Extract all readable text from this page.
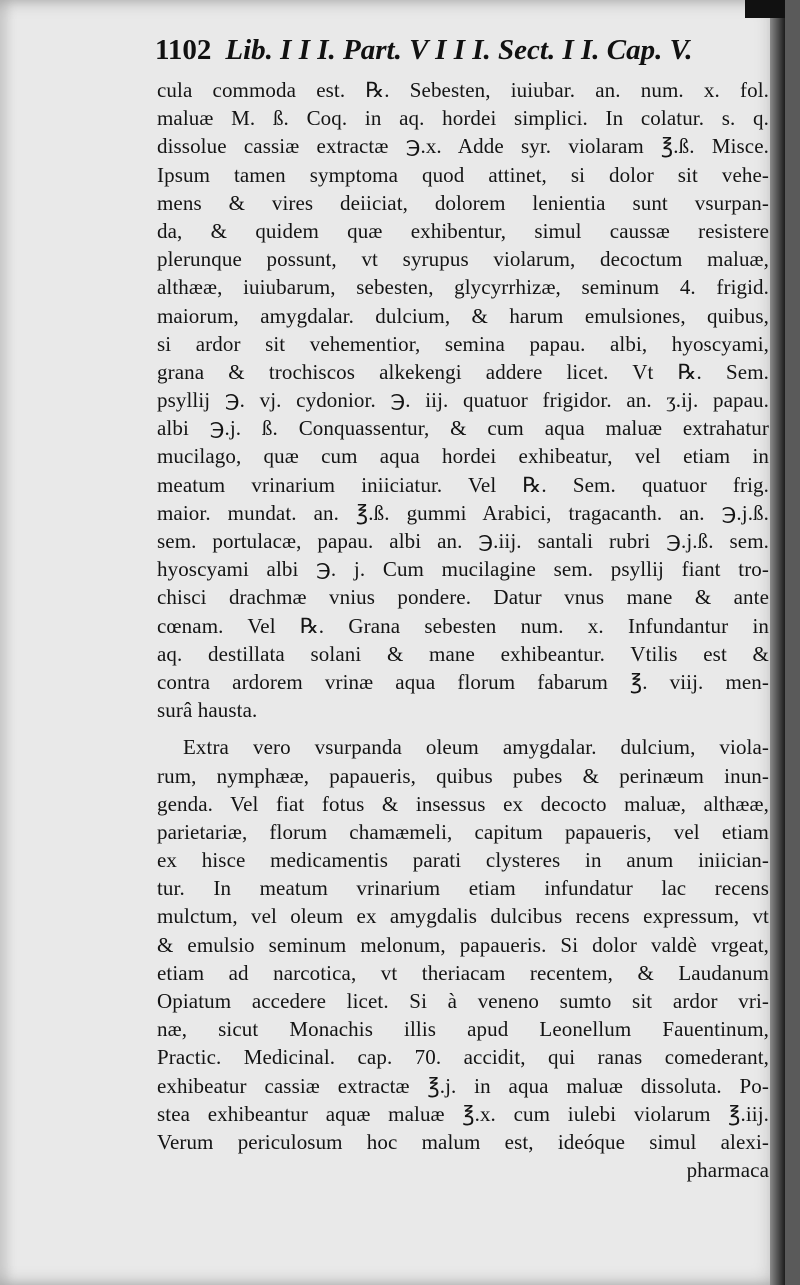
1102 Lib. I I I. Part. V I I I. Sect. I I. Cap. V.
cula commoda est. ℞. Sebesten, iuiubar. an. num. x. fol.
maluæ M. ß. Coq. in aq. hordei simplici. In colatur. s. q.
dissolue cassiæ extractæ ℈.x. Adde syr. violaram ℥.ß. Misce.
Ipsum tamen symptoma quod attinet, si dolor sit vehe-
mens & vires deiiciat, dolorem lenientia sunt vsurpan-
da, & quidem quæ exhibentur, simul caussæ resistere
plerunque possunt, vt syrupus violarum, decoctum maluæ,
althææ, iuiubarum, sebesten, glycyrrhizæ, seminum 4. frigid.
maiorum, amygdalar. dulcium, & harum emulsiones, quibus,
si ardor sit vehementior, semina papau. albi, hyoscyami,
grana & trochiscos alkekengi addere licet. Vt ℞. Sem.
psyllij ℈. vj. cydonior. ℈. iij. quatuor frigidor. an. ʒ.ij. papau.
albi ℈.j. ß. Conquassentur, & cum aqua maluæ extrahatur
mucilago, quæ cum aqua hordei exhibeatur, vel etiam in
meatum vrinarium iniiciatur. Vel ℞. Sem. quatuor frig.
maior. mundat. an. ℥.ß. gummi Arabici, tragacanth. an. ℈.j.ß.
sem. portulacæ, papau. albi an. ℈.iij. santali rubri ℈.j.ß. sem.
hyoscyami albi ℈. j. Cum mucilagine sem. psyllij fiant tro-
chisci drachmæ vnius pondere. Datur vnus mane & ante
cœnam. Vel ℞. Grana sebesten num. x. Infundantur in
aq. destillata solani & mane exhibeantur. Vtilis est &
contra ardorem vrinæ aqua florum fabarum ℥. viij. men-
surâ hausta.
Extra vero vsurpanda oleum amygdalar. dulcium, viola-
rum, nymphææ, papaueris, quibus pubes & perinæum inun-
genda. Vel fiat fotus & insessus ex decocto maluæ, althææ,
parietariæ, florum chamæmeli, capitum papaueris, vel etiam
ex hisce medicamentis parati clysteres in anum iniician-
tur. In meatum vrinarium etiam infundatur lac recens
mulctum, vel oleum ex amygdalis dulcibus recens expressum, vt
& emulsio seminum melonum, papaueris. Si dolor valdè vrgeat,
etiam ad narcotica, vt theriacam recentem, & Laudanum
Opiatum accedere licet. Si à veneno sumto sit ardor vri-
næ, sicut Monachis illis apud Leonellum Fauentinum,
Practic. Medicinal. cap. 70. accidit, qui ranas comederant,
exhibeatur cassiæ extractæ ℥.j. in aqua maluæ dissoluta. Po-
stea exhibeantur aquæ maluæ ℥.x. cum iulebi violarum ℥.iij.
Verum periculosum hoc malum est, ideóque simul alexi-
pharmaca
